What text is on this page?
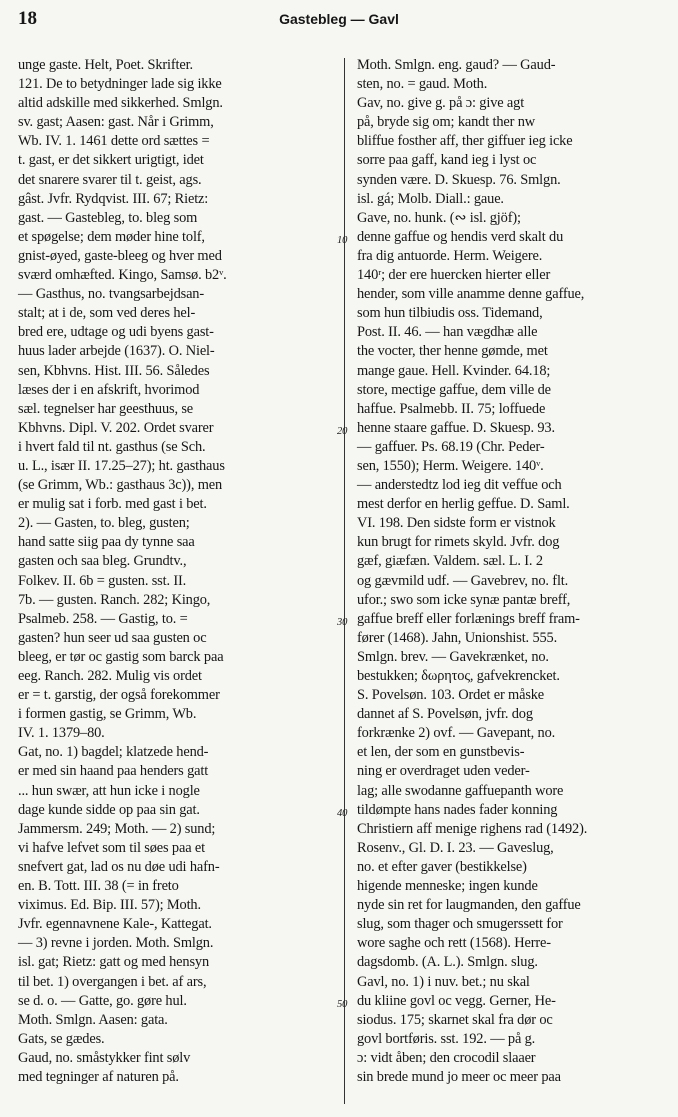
18	Gastebleg — Gavl
unge gaste. Helt, Poet. Skrifter.
121. De to betydninger lade sig ikke
altid adskille med sikkerhed. Smlgn.
sv. gast; Aasen: gast. Når i Grimm,
Wb. IV. 1. 1461 dette ord sættes =
t. gast, er det sikkert urigtigt, idet
det snarere svarer til t. geist, ags.
gâst. Jvfr. Rydqvist. III. 67; Rietz:
gast. — Gastebleg, to. bleg som
et spøgelse; dem møder hine tolf,
gnist-øyed, gaste-bleeg og hver med
sværd omhæfted. Kingo, Samsø. b2ᵛ.
— Gasthus, no. tvangsarbejdsan-
stalt; at i de, som ved deres hel-
bred ere, udtage og udi byens gast-
huus lader arbejde (1637). O. Niel-
sen, Kbhvns. Hist. III. 56. Således
læses der i en afskrift, hvorimod
sæl. tegnelser har geesthuus, se
Kbhvns. Dipl. V. 202. Ordet svarer
i hvert fald til nt. gasthus (se Sch.
u. L., især II. 17.25–27); ht. gasthaus
(se Grimm, Wb.: gasthaus 3c)), men
er mulig sat i forb. med gast i bet.
2). — Gasten, to. bleg, gusten;
hand satte siig paa dy tynne saa
gasten och saa bleg. Grundtv.,
Folkev. II. 6b = gusten. sst. II.
7b. — gusten. Ranch. 282; Kingo,
Psalmeb. 258. — Gastig, to. =
gasten? hun seer ud saa gusten oc
bleeg, er tør oc gastig som barck paa
eeg. Ranch. 282. Mulig vis ordet
er = t. garstig, der også forekommer
i formen gastig, se Grimm, Wb.
IV. 1. 1379–80.
Gat, no. 1) bagdel; klatzede hend-
er med sin haand paa henders gatt
... hun swær, att hun icke i nogle
dage kunde sidde op paa sin gat.
Jammersm. 249; Moth. — 2) sund;
vi hafve lefvet som til søes paa et
snefvert gat, lad os nu døe udi hafn-
en. B. Tott. III. 38 (= in freto
viximus. Ed. Bip. III. 57); Moth.
Jvfr. egennavnene Kale-, Kattegat.
— 3) revne i jorden. Moth. Smlgn.
isl. gat; Rietz: gatt og med hensyn
til bet. 1) overgangen i bet. af ars,
se d. o. — Gatte, go. gøre hul.
Moth. Smlgn. Aasen: gata.
Gats, se gædes.
Gaud, no. småstykker fint sølv
med tegninger af naturen på.
Moth. Smlgn. eng. gaud? — Gaud-
sten, no. = gaud. Moth.
Gav, no. give g. på ɔ: give agt
på, bryde sig om; kandt ther nw
bliffue fosther aff, ther giffuer ieg icke
sorre paa gaff, kand ieg i lyst oc
synden være. D. Skuesp. 76. Smlgn.
isl. gá; Molb. Diall.: gaue.
Gave, no. hunk. (∾ isl. gjöf);
denne gaffue og hendis verd skalt du
10
fra dig antuorde. Herm. Weigere.
140ʳ; der ere huercken hierter eller
hender, som ville anamme denne gaffue,
som hun tilbiudis oss. Tidemand,
Post. II. 46. — han vægdhæ alle
the vocter, ther henne gømde, met
mange gaue. Hell. Kvinder. 64.18;
store, mectige gaffue, dem ville de
haffue. Psalmebb. II. 75; loffuede
henne staare gaffue. D. Skuesp. 93.
20
— gaffuer. Ps. 68.19 (Chr. Peder-
sen, 1550); Herm. Weigere. 140ᵛ.
— anderstedtz lod ieg dit veffue och
mest derfor en herlig geffue. D. Saml.
VI. 198. Den sidste form er vistnok
kun brugt for rimets skyld. Jvfr. dog
gæf, giæfæn. Valdem. sæl. L. I. 2
og gævmild udf. — Gavebrev, no. flt.
ufor.; swo som icke synæ pantæ breff,
gaffue breff eller forlænings breff fram-
30
fører (1468). Jahn, Unionshist. 555.
Smlgn. brev. — Gavekrænket, no.
bestukken; δωρητος, gafvekrencket.
S. Povelsøn. 103. Ordet er måske
dannet af S. Povelsøn, jvfr. dog
forkrænke 2) ovf. — Gavepant, no.
et len, der som en gunstbevis-
ning er overdraget uden veder-
lag; alle swodanne gaffuepanth wore
tildømpte hans nades fader konning
40
Christiern aff menige righens rad (1492).
Rosenv., Gl. D. I. 23. — Gaveslug,
no. et efter gaver (bestikkelse)
higende menneske; ingen kunde
nyde sin ret for laugmanden, den gaffue
slug, som thager och smugerssett for
wore saghe och rett (1568). Herre-
dagsdomb. (A. L.). Smlgn. slug.
Gavl, no. 1) i nuv. bet.; nu skal
du kliine govl oc vegg. Gerner, He-
50
siodus. 175; skarnet skal fra dør oc
govl bortføris. sst. 192. — på g.
ɔ: vidt åben; den crocodil slaaer
sin brede mund jo meer oc meer paa
